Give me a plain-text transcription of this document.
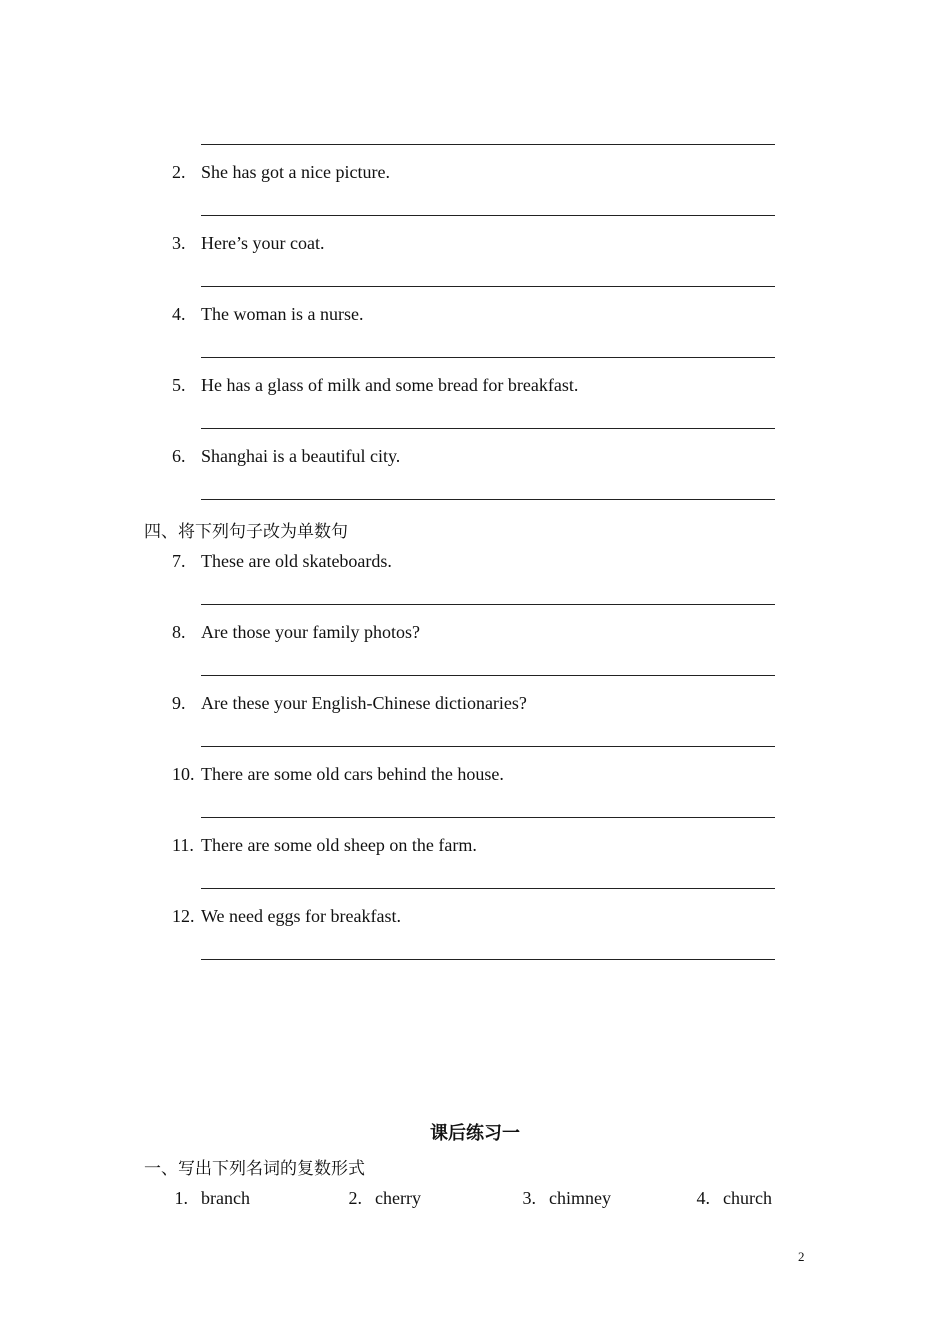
2. She has got a nice picture.
3. Here’s your coat.
4. The woman is a nurse.
5. He has a glass of milk and some bread for breakfast.
6. Shanghai is a beautiful city.
四、将下列句子改为单数句
7. These are old skateboards.
8. Are those your family photos?
9. Are these your English-Chinese dictionaries?
10. There are some old cars behind the house.
11. There are some old sheep on the farm.
12. We need eggs for breakfast.
课后练习一
一、写出下列名词的复数形式
1. branch	2. cherry	3. chimney	4. church
2
